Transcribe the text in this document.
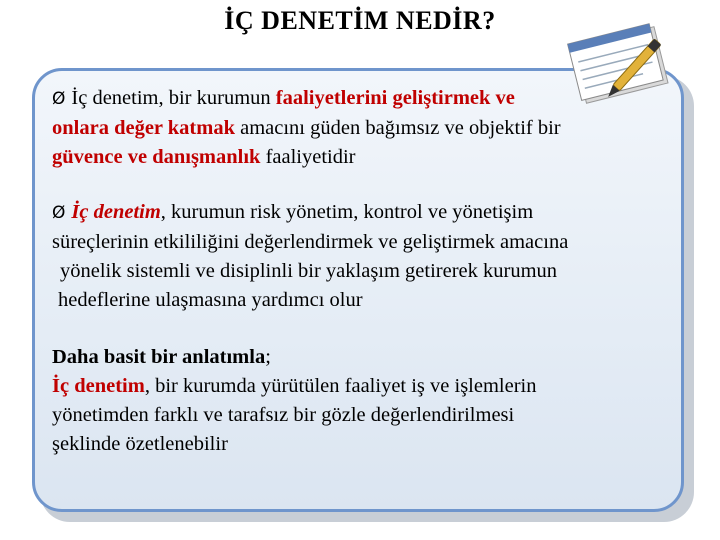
İÇ DENETİM NEDİR?
Ø İç denetim, bir kurumun faaliyetlerini geliştirmek ve
onlara değer katmak amacını güden bağımsız ve objektif bir
güvence ve danışmanlık faaliyetidir
Ø İç denetim, kurumun risk yönetim, kontrol ve yönetişim
süreçlerinin etkililiğini değerlendirmek ve geliştirmek amacına
yönelik sistemli ve disiplinli bir yaklaşım getirerek kurumun
hedeflerine ulaşmasına yardımcı olur
Daha basit bir anlatımla;
İç denetim, bir kurumda yürütülen faaliyet iş ve işlemlerin
yönetimden farklı ve tarafsız bir gözle değerlendirilmesi
şeklinde özetlenebilir
